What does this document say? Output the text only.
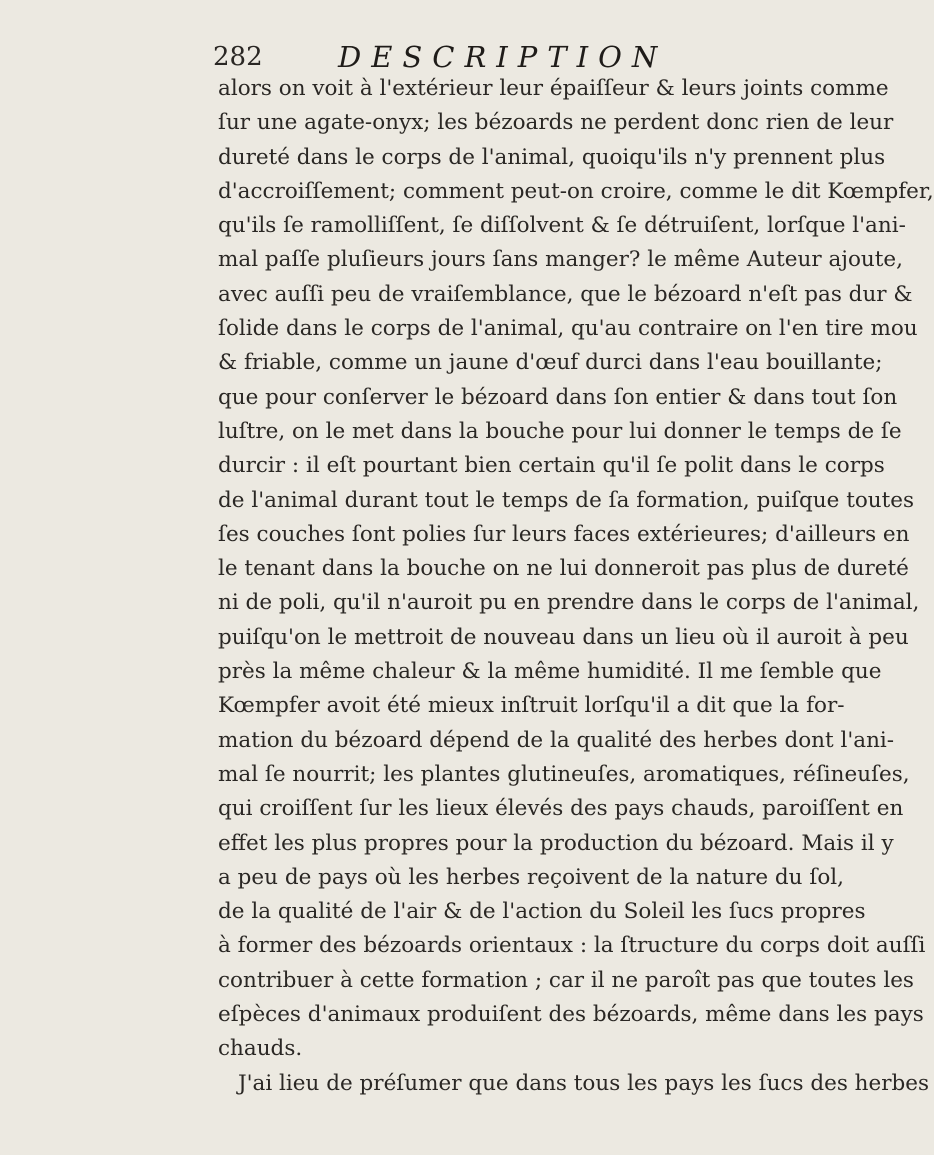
282	DESCRIPTION
alors on voit à l'extérieur leur épaiſſeur & leurs joints comme
ſur une agate-onyx; les bézoards ne perdent donc rien de leur
dureté dans le corps de l'animal, quoiqu'ils n'y prennent plus
d'accroiſſement; comment peut-on croire, comme le dit Kœmpfer,
qu'ils ſe ramolliſſent, ſe diſſolvent & ſe détruiſent, lorſque l'ani-
mal paſſe pluſieurs jours ſans manger? le même Auteur ajoute,
avec auſſi peu de vraiſemblance, que le bézoard n'eſt pas dur &
ſolide dans le corps de l'animal, qu'au contraire on l'en tire mou
& friable, comme un jaune d'œuf durci dans l'eau bouillante;
que pour conſerver le bézoard dans ſon entier & dans tout ſon
luſtre, on le met dans la bouche pour lui donner le temps de ſe
durcir : il eſt pourtant bien certain qu'il ſe polit dans le corps
de l'animal durant tout le temps de ſa formation, puiſque toutes
ſes couches ſont polies ſur leurs faces extérieures; d'ailleurs en
le tenant dans la bouche on ne lui donneroit pas plus de dureté
ni de poli, qu'il n'auroit pu en prendre dans le corps de l'animal,
puiſqu'on le mettroit de nouveau dans un lieu où il auroit à peu
près la même chaleur & la même humidité. Il me ſemble que
Kœmpfer avoit été mieux inſtruit lorſqu'il a dit que la for-
mation du bézoard dépend de la qualité des herbes dont l'ani-
mal ſe nourrit; les plantes glutineuſes, aromatiques, réſineuſes,
qui croiſſent ſur les lieux élevés des pays chauds, paroiſſent en
effet les plus propres pour la production du bézoard. Mais il y
a peu de pays où les herbes reçoivent de la nature du ſol,
de la qualité de l'air & de l'action du Soleil les ſucs propres
à former des bézoards orientaux : la ſtructure du corps doit auſſi
contribuer à cette formation ; car il ne paroît pas que toutes les
eſpèces d'animaux produiſent des bézoards, même dans les pays
chauds.
J'ai lieu de préſumer que dans tous les pays les ſucs des herbes
